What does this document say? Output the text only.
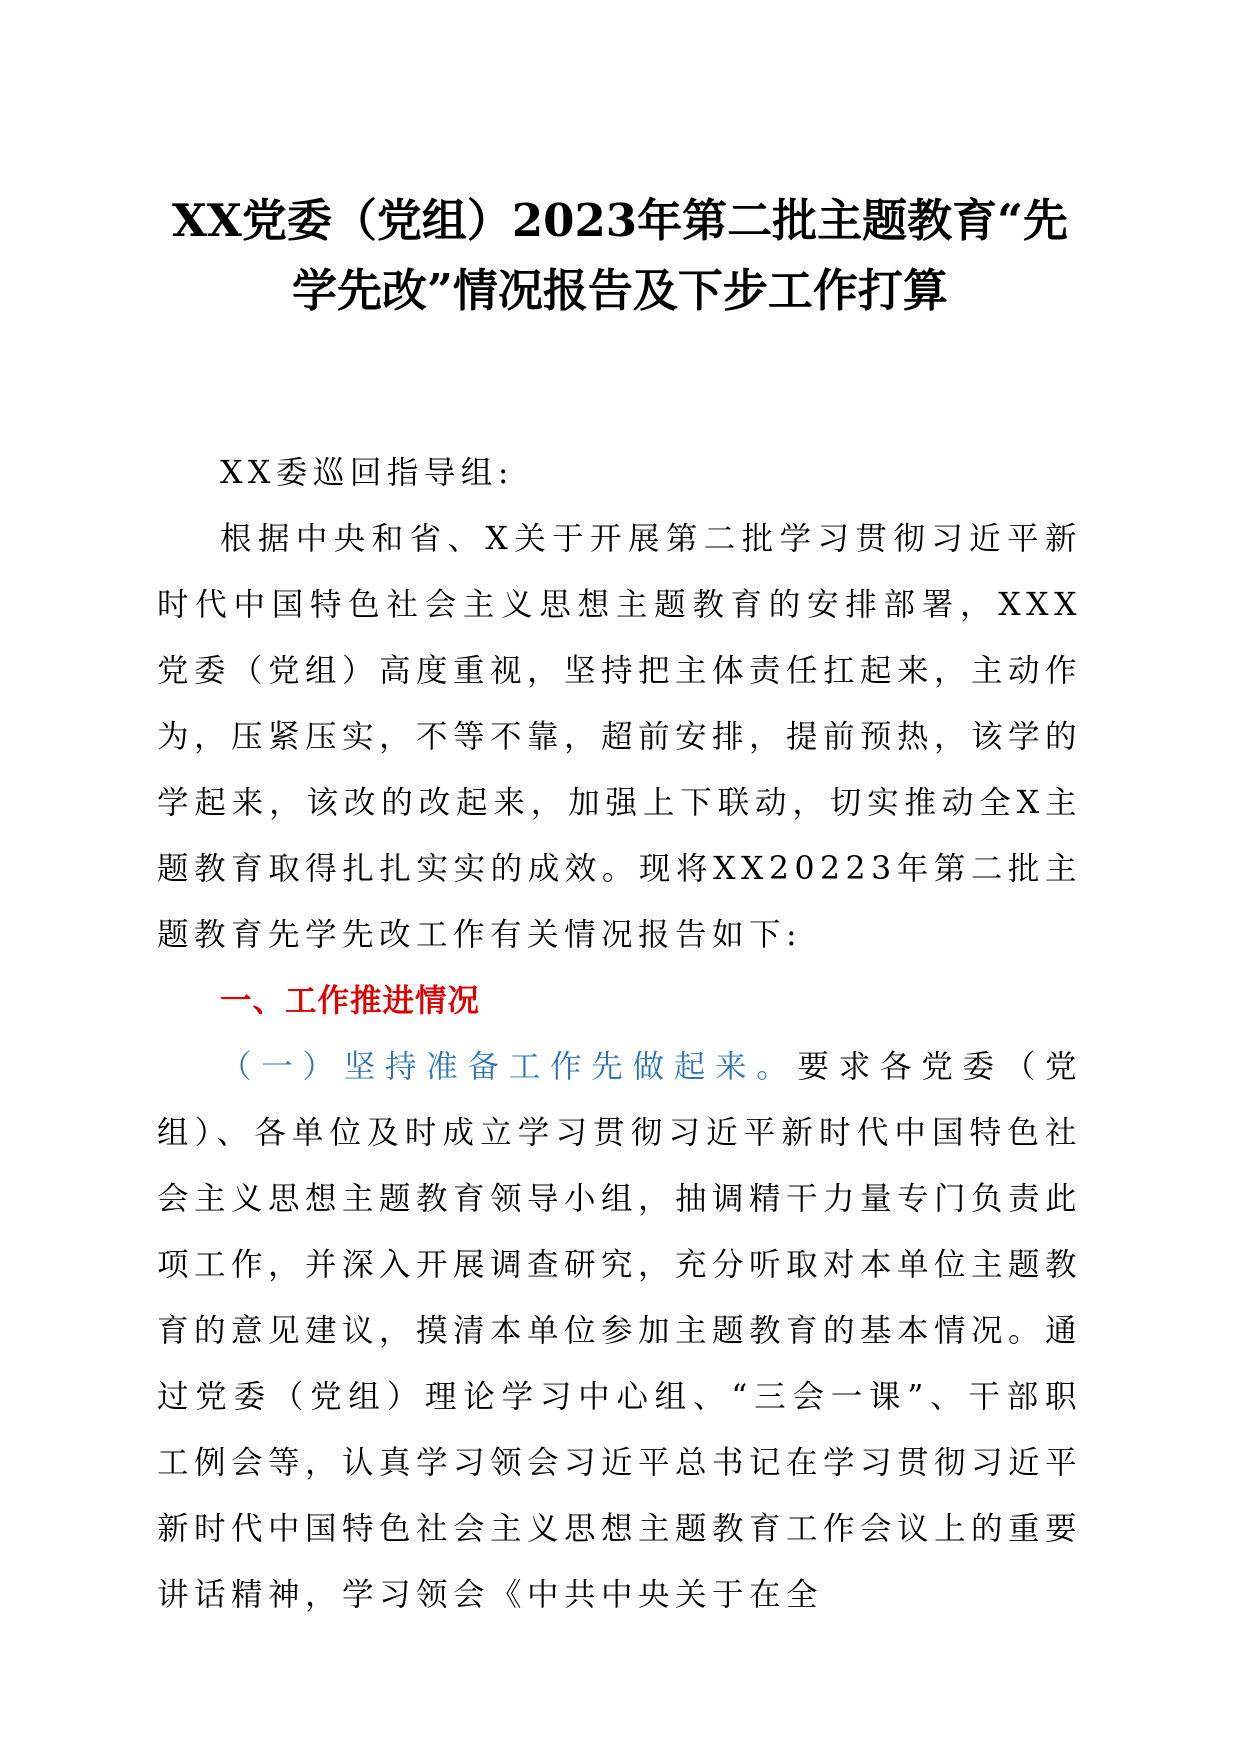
XX党委（党组）2023年第二批主题教育“先
学先改”情况报告及下步工作打算

XX委巡回指导组:

根据中央和省、X关于开展第二批学习贯彻习近平新时代中国特色社会主义思想主题教育的安排部署，XXX党委（党组）高度重视，坚持把主体责任扛起来，主动作为，压紧压实，不等不靠，超前安排，提前预热，该学的学起来，该改的改起来，加强上下联动，切实推动全X主题教育取得扎扎实实的成效。现将XX20223年第二批主题教育先学先改工作有关情况报告如下:

一、工作推进情况

（一）坚持准备工作先做起来。要求各党委（党组）、各单位及时成立学习贯彻习近平新时代中国特色社会主义思想主题教育领导小组，抽调精干力量专门负责此项工作，并深入开展调查研究，充分听取对本单位主题教育的意见建议，摸清本单位参加主题教育的基本情况。通过党委（党组）理论学习中心组、“三会一课”、干部职工例会等，认真学习领会习近平总书记在学习贯彻习近平新时代中国特色社会主义思想主题教育工作会议上的重要讲话精神，学习领会《中共中央关于在全
